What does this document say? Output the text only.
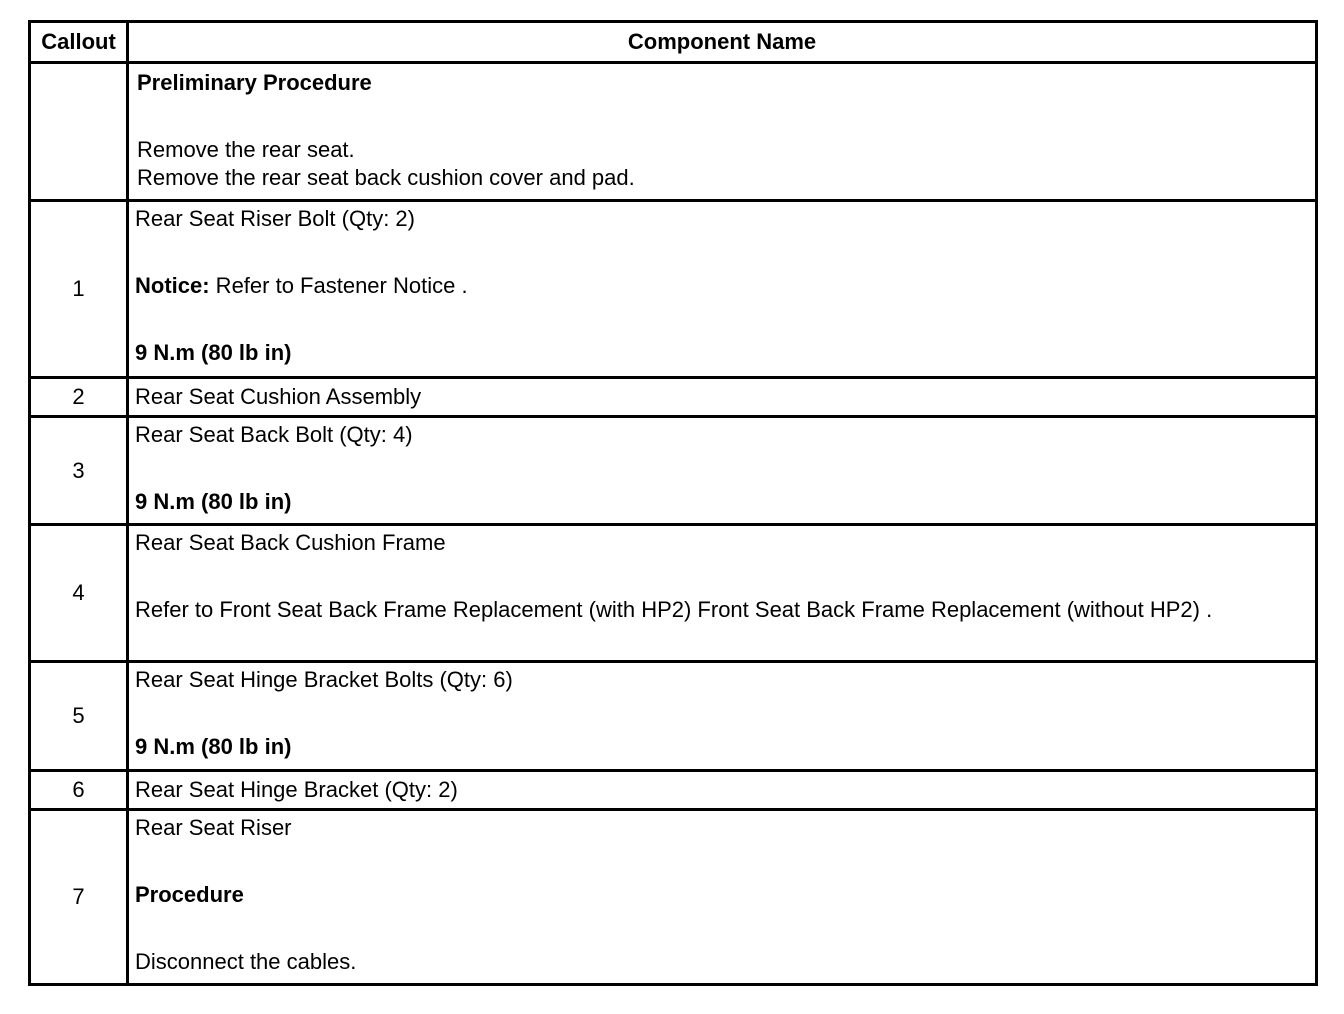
Callout	Component Name

	Preliminary Procedure
Remove the rear seat.
Remove the rear seat back cushion cover and pad.

1	Rear Seat Riser Bolt (Qty: 2)
Notice: Refer to Fastener Notice .
9 N.m (80 lb in)

2	Rear Seat Cushion Assembly
3	Rear Seat Back Bolt (Qty: 4)
9 N.m (80 lb in)

4	Rear Seat Back Cushion Frame
Refer to Front Seat Back Frame Replacement (with HP2) Front Seat Back Frame Replacement (without HP2) .

5	Rear Seat Hinge Bracket Bolts (Qty: 6)
9 N.m (80 lb in)

6	Rear Seat Hinge Bracket (Qty: 2)
7	Rear Seat Riser
Procedure
Disconnect the cables.
